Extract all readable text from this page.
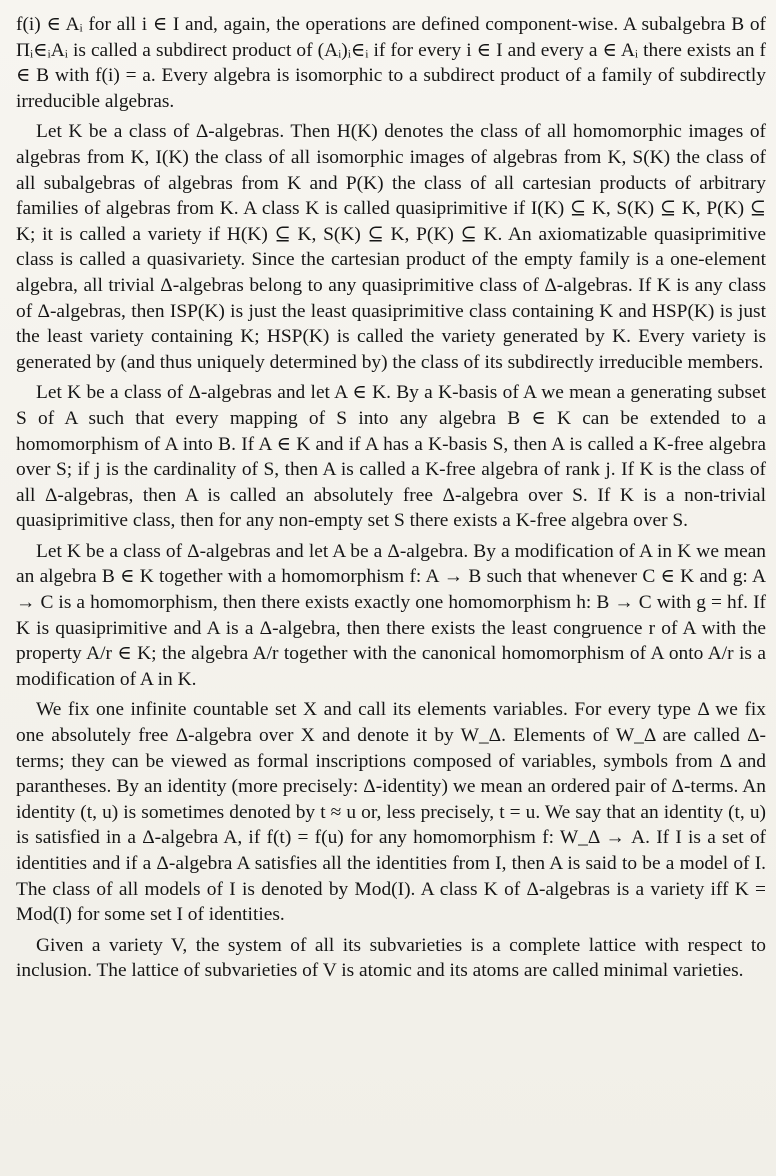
f(i) ∈ Aᵢ for all i ∈ I and, again, the operations are defined component-wise. A subalgebra B of Πᵢ∈ᵢAᵢ is called a subdirect product of (Aᵢ)ᵢ∈ᵢ if for every i ∈ I and every a ∈ Aᵢ there exists an f ∈ B with f(i) = a. Every algebra is isomorphic to a subdirect product of a family of subdirectly irreducible algebras.

Let K be a class of Δ-algebras. Then H(K) denotes the class of all homomorphic images of algebras from K, I(K) the class of all isomorphic images of algebras from K, S(K) the class of all subalgebras of algebras from K and P(K) the class of all cartesian products of arbitrary families of algebras from K. A class K is called quasiprimitive if I(K) ⊆ K, S(K) ⊆ K, P(K) ⊆ K; it is called a variety if H(K) ⊆ K, S(K) ⊆ K, P(K) ⊆ K. An axiomatizable quasiprimitive class is called a quasivariety. Since the cartesian product of the empty family is a one-element algebra, all trivial Δ-algebras belong to any quasiprimitive class of Δ-algebras. If K is any class of Δ-algebras, then ISP(K) is just the least quasiprimitive class containing K and HSP(K) is just the least variety containing K; HSP(K) is called the variety generated by K. Every variety is generated by (and thus uniquely determined by) the class of its subdirectly irreducible members.

Let K be a class of Δ-algebras and let A ∈ K. By a K-basis of A we mean a generating subset S of A such that every mapping of S into any algebra B ∈ K can be extended to a homomorphism of A into B. If A ∈ K and if A has a K-basis S, then A is called a K-free algebra over S; if j is the cardinality of S, then A is called a K-free algebra of rank j. If K is the class of all Δ-algebras, then A is called an absolutely free Δ-algebra over S. If K is a non-trivial quasiprimitive class, then for any non-empty set S there exists a K-free algebra over S.

Let K be a class of Δ-algebras and let A be a Δ-algebra. By a modification of A in K we mean an algebra B ∈ K together with a homomorphism f: A → B such that whenever C ∈ K and g: A → C is a homomorphism, then there exists exactly one homomorphism h: B → C with g = hf. If K is quasiprimitive and A is a Δ-algebra, then there exists the least congruence r of A with the property A/r ∈ K; the algebra A/r together with the canonical homomorphism of A onto A/r is a modification of A in K.

We fix one infinite countable set X and call its elements variables. For every type Δ we fix one absolutely free Δ-algebra over X and denote it by W_Δ. Elements of W_Δ are called Δ-terms; they can be viewed as formal inscriptions composed of variables, symbols from Δ and parantheses. By an identity (more precisely: Δ-identity) we mean an ordered pair of Δ-terms. An identity (t, u) is sometimes denoted by t ≈ u or, less precisely, t = u. We say that an identity (t, u) is satisfied in a Δ-algebra A, if f(t) = f(u) for any homomorphism f: W_Δ → A. If I is a set of identities and if a Δ-algebra A satisfies all the identities from I, then A is said to be a model of I. The class of all models of I is denoted by Mod(I). A class K of Δ-algebras is a variety iff K = Mod(I) for some set I of identities.

Given a variety V, the system of all its subvarieties is a complete lattice with respect to inclusion. The lattice of subvarieties of V is atomic and its atoms are called minimal varieties.
